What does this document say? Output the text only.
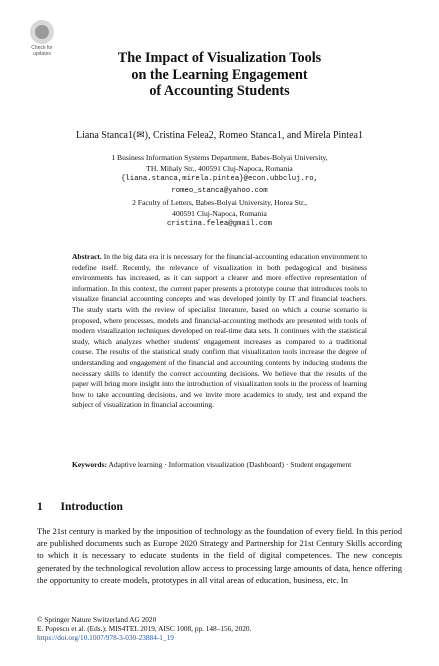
Check for
updates	The Impact of Visualization Tools
on the Learning Engagement
of Accounting Students
Liana Stanca1(✉), Cristina Felea2, Romeo Stanca1, and Mirela Pintea1
1 Business Information Systems Department, Babes-Bolyai University,
TH. Mihaly Str., 400591 Cluj-Napoca, Romania
{liana.stanca,mirela.pintea}@econ.ubbcluj.ro,
romeo_stanca@yahoo.com
2 Faculty of Letters, Babes-Bolyai University, Horea Str.,
400591 Cluj-Napoca, Romania
cristina.felea@gmail.com
Abstract. In the big data era it is necessary for the financial-accounting education environment to redefine itself. Recently, the relevance of visualization in both pedagogical and business environments has increased, as it can support a clearer and more effective representation of information. In this context, the current paper presents a prototype course that introduces tools to visualize financial accounting concepts and was developed jointly by IT and financial teachers. The study starts with the review of specialist literature, based on which a course scenario is proposed, where processes, models and financial-accounting methods are presented with tools of modern visualization techniques developed on real-time data sets. It continues with the statistical study, which analyzes whether students' engagement increases as compared to a traditional course. The results of the statistical study confirm that visualization tools increase the degree of understanding and engagement of the financial and accounting contents by inducing students the necessary skills to identify the correct accounting decisions. We believe that the results of the paper will bring more insight into the introduction of visualization tools in the process of learning how to take accounting decisions, and we invite more academics to study, test and expand the subject of visualization in financial accounting.
Keywords: Adaptive learning · Information visualization (Dashboard) · Student engagement
1 Introduction
The 21st century is marked by the imposition of technology as the foundation of every field. In this period are published documents such as Europe 2020 Strategy and Partnership for 21st Century Skills according to which it is necessary to educate students in the field of digital competences. The new concepts generated by the technological revolution allow access to processing large amounts of data, hence offering the opportunity to create models, prototypes in all vital areas of education, business, etc. In
© Springer Nature Switzerland AG 2020
E. Popescu et al. (Eds.): MIS4TEL 2019, AISC 1008, pp. 148–156, 2020.
https://doi.org/10.1007/978-3-030-23884-1_19
